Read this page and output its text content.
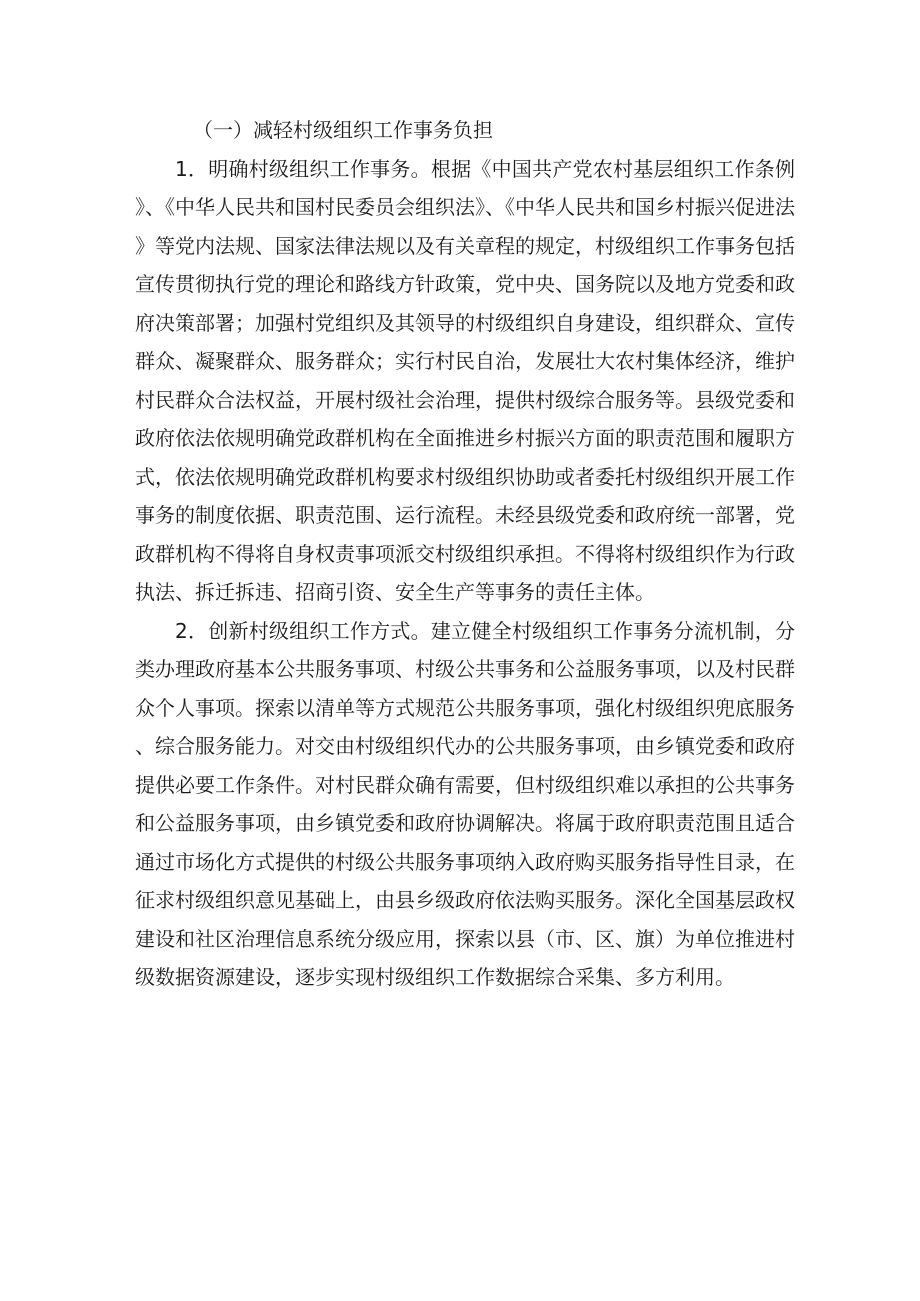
（一）减轻村级组织工作事务负担

1．明确村级组织工作事务。根据《中国共产党农村基层组织工作条例》、《中华人民共和国村民委员会组织法》、《中华人民共和国乡村振兴促进法》等党内法规、国家法律法规以及有关章程的规定，村级组织工作事务包括宣传贯彻执行党的理论和路线方针政策，党中央、国务院以及地方党委和政府决策部署；加强村党组织及其领导的村级组织自身建设，组织群众、宣传群众、凝聚群众、服务群众；实行村民自治，发展壮大农村集体经济，维护村民群众合法权益，开展村级社会治理，提供村级综合服务等。县级党委和政府依法依规明确党政群机构在全面推进乡村振兴方面的职责范围和履职方式，依法依规明确党政群机构要求村级组织协助或者委托村级组织开展工作事务的制度依据、职责范围、运行流程。未经县级党委和政府统一部署，党政群机构不得将自身权责事项派交村级组织承担。不得将村级组织作为行政执法、拆迁拆违、招商引资、安全生产等事务的责任主体。

2．创新村级组织工作方式。建立健全村级组织工作事务分流机制，分类办理政府基本公共服务事项、村级公共事务和公益服务事项，以及村民群众个人事项。探索以清单等方式规范公共服务事项，强化村级组织兜底服务、综合服务能力。对交由村级组织代办的公共服务事项，由乡镇党委和政府提供必要工作条件。对村民群众确有需要，但村级组织难以承担的公共事务和公益服务事项，由乡镇党委和政府协调解决。将属于政府职责范围且适合通过市场化方式提供的村级公共服务事项纳入政府购买服务指导性目录，在征求村级组织意见基础上，由县乡级政府依法购买服务。深化全国基层政权建设和社区治理信息系统分级应用，探索以县（市、区、旗）为单位推进村级数据资源建设，逐步实现村级组织工作数据综合采集、多方利用。
